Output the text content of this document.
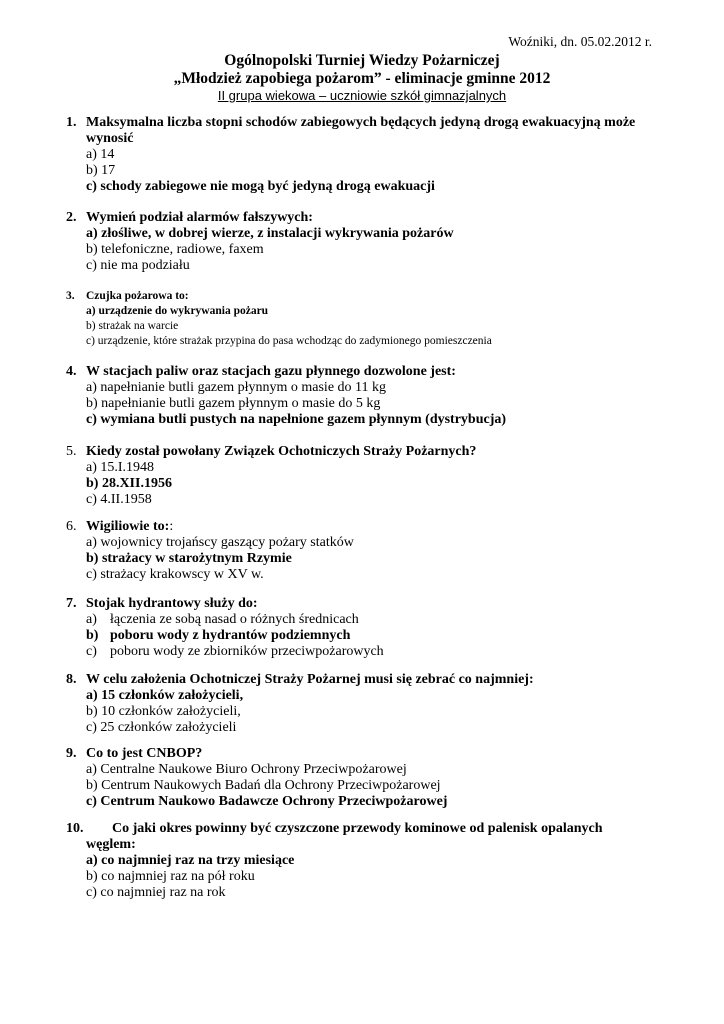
Woźniki, dn. 05.02.2012 r.
Ogólnopolski Turniej Wiedzy Pożarniczej
„Młodzież zapobiega pożarom” - eliminacje gminne 2012
II grupa wiekowa – uczniowie szkół gimnazjalnych
1. Maksymalna liczba stopni schodów zabiegowych będących jedyną drogą ewakuacyjną może wynosić
a) 14
b) 17
c) schody zabiegowe nie mogą być jedyną drogą ewakuacji
2. Wymień podział alarmów fałszywych:
a) złośliwe, w dobrej wierze, z instalacji wykrywania pożarów
b) telefoniczne, radiowe, faxem
c) nie ma podziału
3. Czujka pożarowa to:
a) urządzenie do wykrywania pożaru
b) strażak na warcie
c) urządzenie, które strażak przypina do pasa wchodząc do zadymionego pomieszczenia
4. W stacjach paliw oraz stacjach gazu płynnego dozwolone jest:
a) napełnianie butli gazem płynnym o masie do 11 kg
b) napełnianie butli gazem płynnym o masie do 5 kg
c) wymiana butli pustych na napełnione gazem płynnym (dystrybucja)
5. Kiedy został powołany Związek Ochotniczych Straży Pożarnych?
a) 15.I.1948
b) 28.XII.1956
c) 4.II.1958
6. Wigiliowie to::
a) wojownicy trojańscy gaszący pożary statków
b) strażacy w starożytnym Rzymie
c) strażacy krakowscy w XV w.
7. Stojak hydrantowy służy do:
a) łączenia ze sobą nasad o różnych średnicach
b) poboru wody z hydrantów podziemnych
c) poboru wody ze zbiorników przeciwpożarowych
8. W celu założenia Ochotniczej Straży Pożarnej musi się zebrać co najmniej:
a) 15 członków założycieli,
b) 10 członków założycieli,
c) 25 członków założycieli
9. Co to jest CNBOP?
a) Centralne Naukowe Biuro Ochrony Przeciwpożarowej
b) Centrum Naukowych Badań dla Ochrony Przeciwpożarowej
c) Centrum Naukowo Badawcze Ochrony Przeciwpożarowej
10. Co jaki okres powinny być czyszczone przewody kominowe od palenisk opalanych
węglem:
a) co najmniej raz na trzy miesiące
b) co najmniej raz na pół roku
c) co najmniej raz na rok
